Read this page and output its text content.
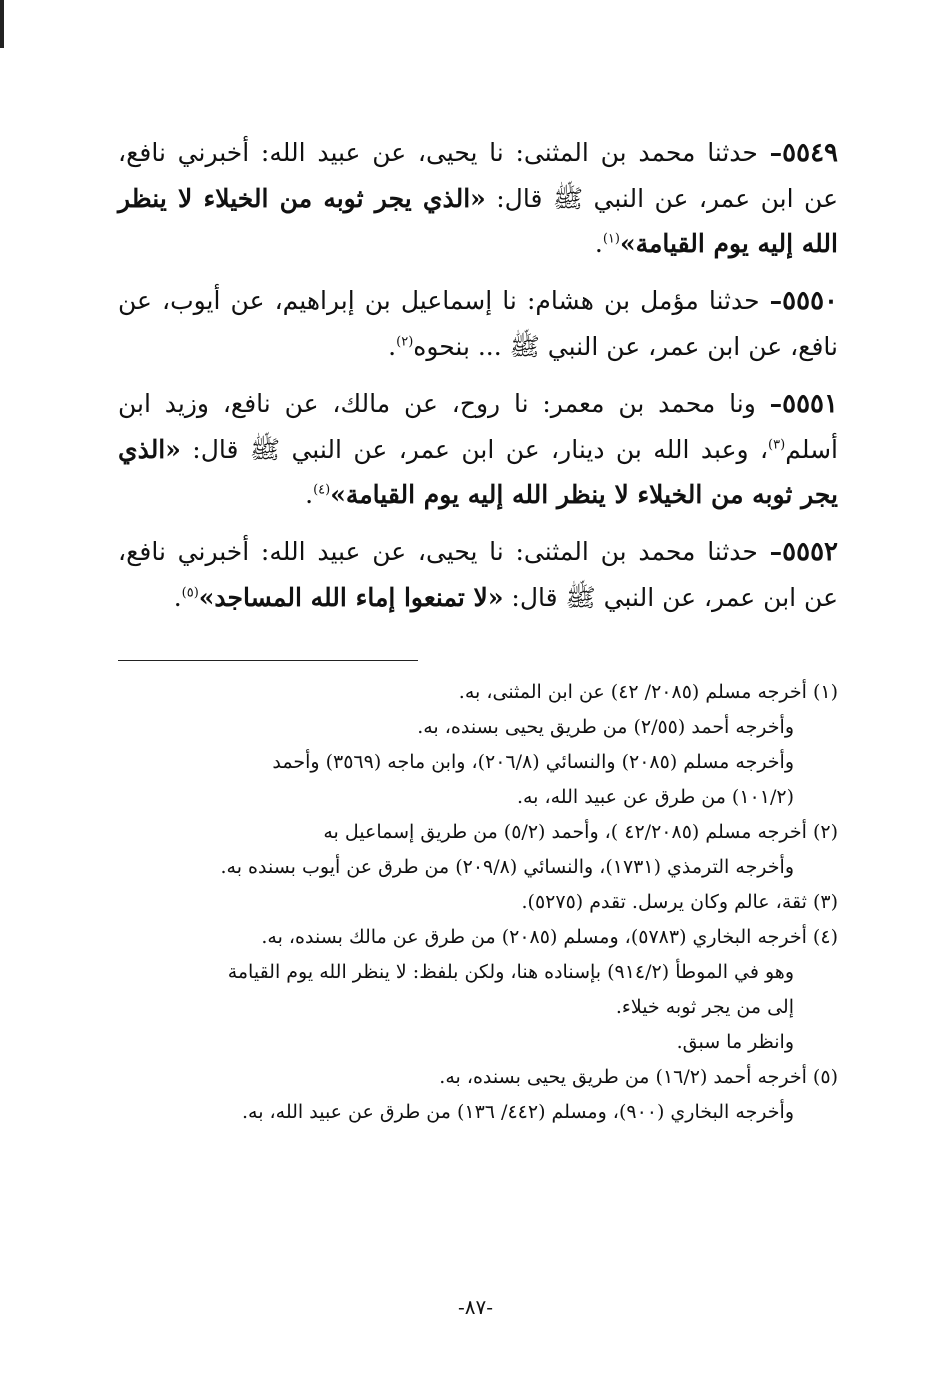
٥٥٤٩– حدثنا محمد بن المثنى: نا يحيى، عن عبيد الله: أخبرني نافع، عن ابن عمر، عن النبي ﷺ قال: «الذي يجر ثوبه من الخيلاء لا ينظر الله إليه يوم القيامة»$^{(١)}$.

٥٥٥٠– حدثنا مؤمل بن هشام: نا إسماعيل بن إبراهيم، عن أيوب، عن نافع، عن ابن عمر، عن النبي ﷺ ... بنحوه$^{(٢)}$.

٥٥٥١– ونا محمد بن معمر: نا روح، عن مالك، عن نافع، وزيد ابن أسلم$^{(٣)}$، وعبد الله بن دينار، عن ابن عمر، عن النبي ﷺ قال: «الذي يجر ثوبه من الخيلاء لا ينظر الله إليه يوم القيامة»$^{(٤)}$.

٥٥٥٢– حدثنا محمد بن المثنى: نا يحيى، عن عبيد الله: أخبرني نافع، عن ابن عمر، عن النبي ﷺ قال: «لا تمنعوا إماء الله المساجد»$^{(٥)}$.

(١) أخرجه مسلم (٢٠٨٥/ ٤٢) عن ابن المثنى، به.

وأخرجه أحمد (٢/٥٥) من طريق يحيى بسنده، به.

وأخرجه مسلم (٢٠٨٥) والنسائي (٢٠٦/٨)، وابن ماجه (٣٥٦٩) وأحمد

(١٠١/٢) من طرق عن عبيد الله، به.

(٢) أخرجه مسلم (٤٢/٢٠٨٥ )، وأحمد (٥/٢) من طريق إسماعيل به

وأخرجه الترمذي (١٧٣١)، والنسائي (٢٠٩/٨) من طرق عن أيوب بسنده به.

(٣) ثقة، عالم وكان يرسل. تقدم (٥٢٧٥).

(٤) أخرجه البخاري (٥٧٨٣)، ومسلم (٢٠٨٥) من طرق عن مالك بسنده، به.

وهو في الموطأ (٩١٤/٢) بإسناده هنا، ولكن بلفظ: لا ينظر الله يوم القيامة

إلى من يجر ثوبه خيلاء.

وانظر ما سبق.

(٥) أخرجه أحمد (١٦/٢) من طريق يحيى بسنده، به.

وأخرجه البخاري (٩٠٠)، ومسلم (٤٤٢/ ١٣٦) من طرق عن عبيد الله، به.

-٨٧-
